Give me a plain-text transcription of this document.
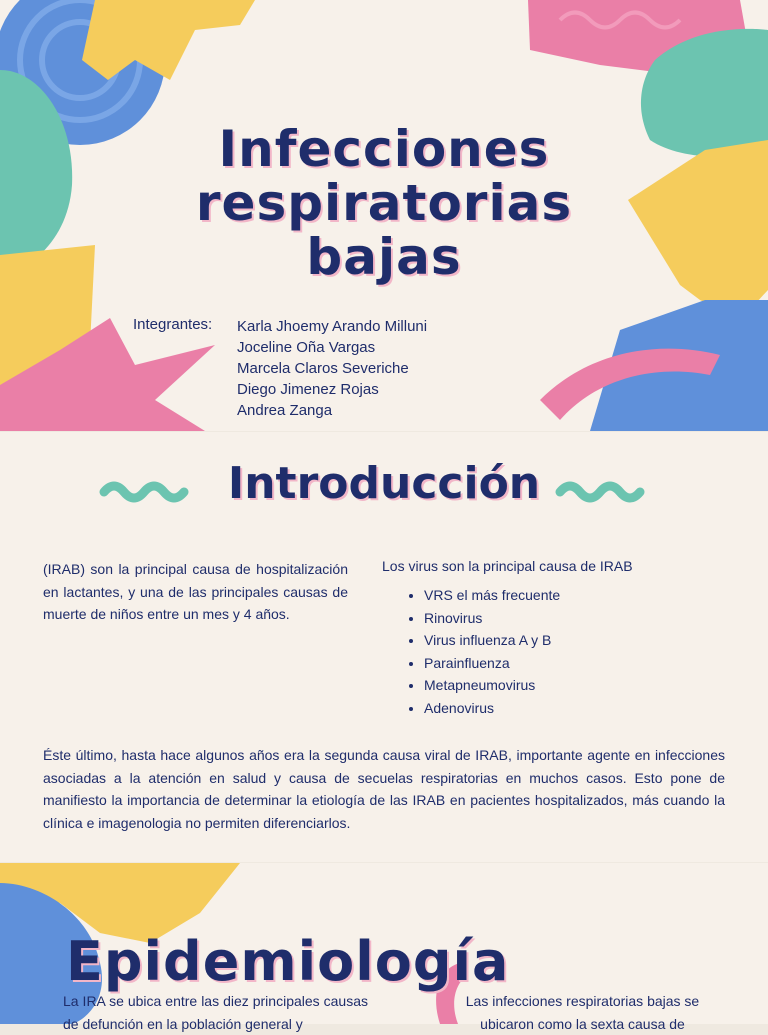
Infecciones
respiratorias
bajas
Integrantes: Karla Jhoemy Arando Milluni
Joceline Oña Vargas
Marcela Claros Severiche
Diego Jimenez Rojas
Andrea Zanga
Introducción

(IRAB) son la principal causa de hospitalización en lactantes, y una de las principales causas de muerte de niños entre un mes y 4 años.

Los virus son la principal causa de IRAB
• VRS el más frecuente
• Rinovirus
• Virus influenza A y B
• Parainfluenza
• Metapneumovirus
• Adenovirus

Éste último, hasta hace algunos años era la segunda causa viral de IRAB, importante agente en infecciones asociadas a la atención en salud y causa de secuelas respiratorias en muchos casos. Esto pone de manifiesto la importancia de determinar la etiología de las IRAB en pacientes hospitalizados, más cuando la clínica e imagenologia no permiten diferenciarlos.

Epidemiología

La IRA se ubica entre las diez principales causas de defunción en la población general y

Las infecciones respiratorias bajas se ubicaron como la sexta causa de
